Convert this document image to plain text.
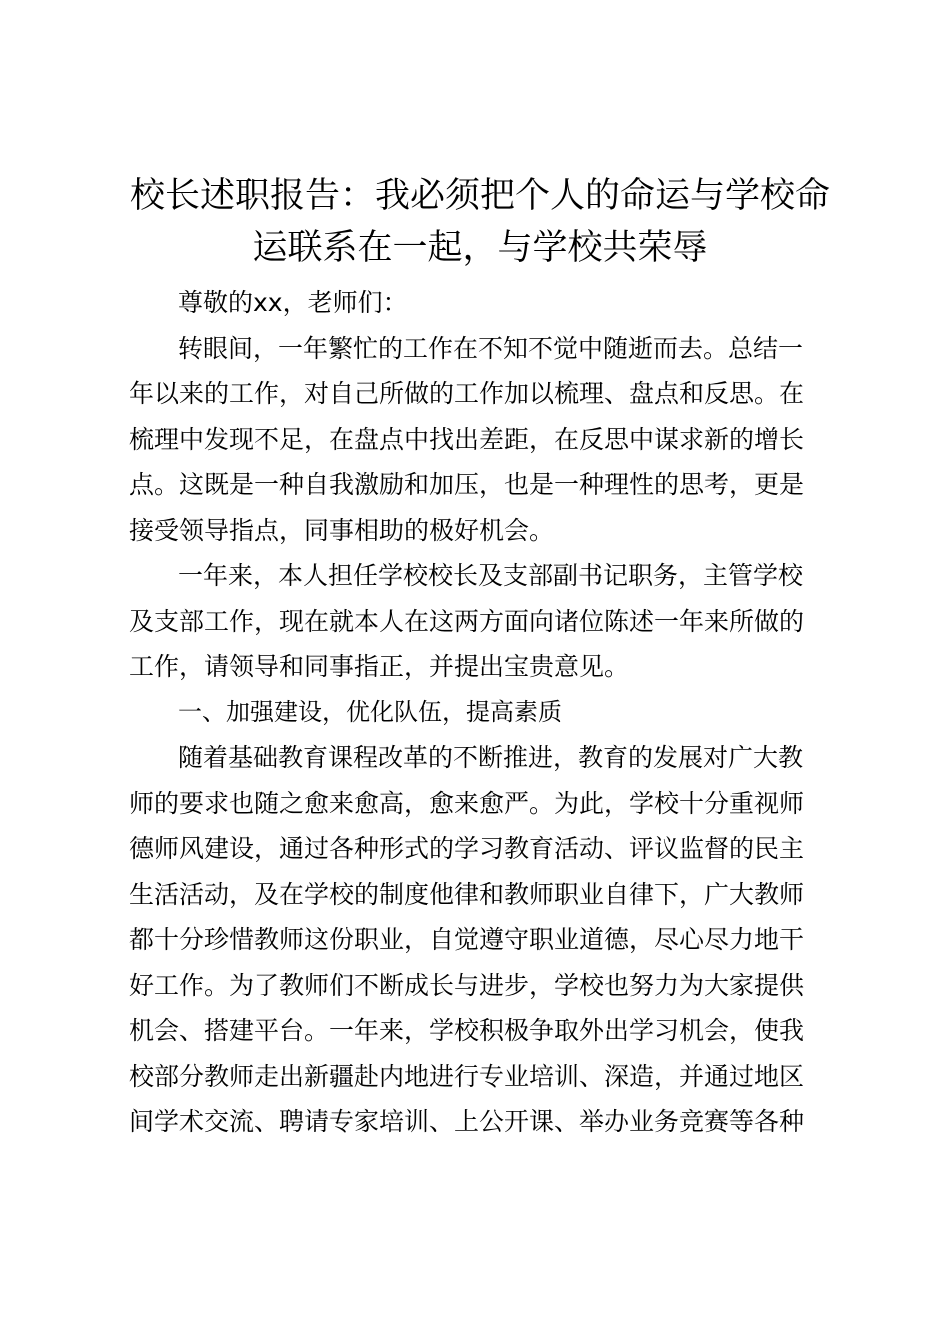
校长述职报告：我必须把个人的命运与学校命
运联系在一起，与学校共荣辱
尊敬的xx，老师们：
转眼间，一年繁忙的工作在不知不觉中随逝而去。总结一
年以来的工作，对自己所做的工作加以梳理、盘点和反思。在
梳理中发现不足，在盘点中找出差距，在反思中谋求新的增长
点。这既是一种自我激励和加压，也是一种理性的思考，更是
接受领导指点，同事相助的极好机会。
一年来，本人担任学校校长及支部副书记职务，主管学校
及支部工作，现在就本人在这两方面向诸位陈述一年来所做的
工作，请领导和同事指正，并提出宝贵意见。
一、加强建设，优化队伍，提高素质
随着基础教育课程改革的不断推进，教育的发展对广大教
师的要求也随之愈来愈高，愈来愈严。为此，学校十分重视师
德师风建设，通过各种形式的学习教育活动、评议监督的民主
生活活动，及在学校的制度他律和教师职业自律下，广大教师
都十分珍惜教师这份职业，自觉遵守职业道德，尽心尽力地干
好工作。为了教师们不断成长与进步，学校也努力为大家提供
机会、搭建平台。一年来，学校积极争取外出学习机会，使我
校部分教师走出新疆赴内地进行专业培训、深造，并通过地区
间学术交流、聘请专家培训、上公开课、举办业务竞赛等各种
